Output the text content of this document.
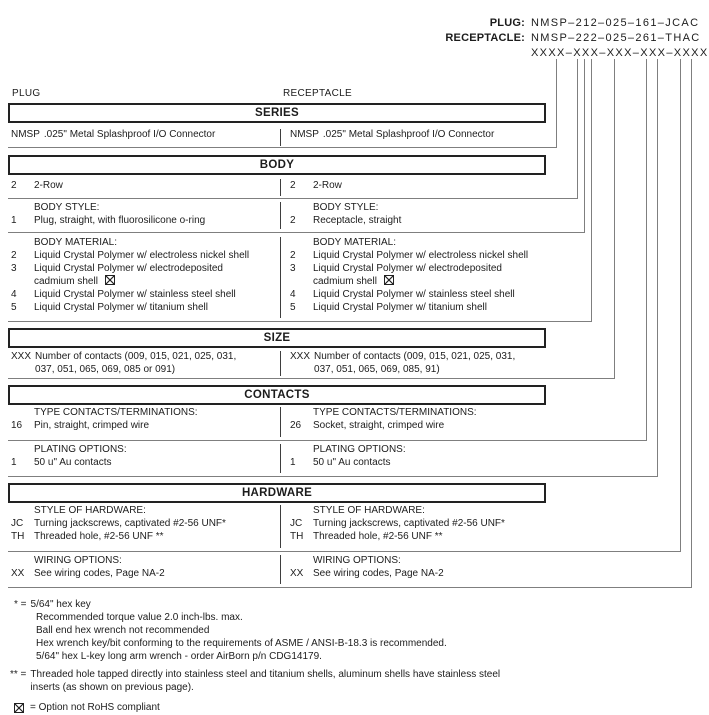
PLUG: NMSP–212–025–161–JCAC
RECEPTACLE: NMSP–222–025–261–THAC
XXXX–XXX–XXX–XXX–XXXX
PLUG	RECEPTACLE
SERIES
BODY
SIZE
CONTACTS
HARDWARE
NMSP .025" Metal Splashproof I/O Connector	NMSP .025" Metal Splashproof I/O Connector
2	2-Row	2	2-Row
BODY STYLE:
1	Plug, straight, with fluorosilicone o-ring
BODY STYLE:
2	Receptacle, straight
BODY MATERIAL:
2	Liquid Crystal Polymer w/ electroless nickel shell
3	Liquid Crystal Polymer w/ electrodeposited
cadmium shell
4	Liquid Crystal Polymer w/ stainless steel shell
5	Liquid Crystal Polymer w/ titanium shell
BODY MATERIAL:
2	Liquid Crystal Polymer w/ electroless nickel shell
3	Liquid Crystal Polymer w/ electrodeposited
cadmium shell
4	Liquid Crystal Polymer w/ stainless steel shell
5	Liquid Crystal Polymer w/ titanium shell
XXX Number of contacts (009, 015, 021, 025, 031,
037, 051, 065, 069, 085 or 091)
XXX Number of contacts (009, 015, 021, 025, 031,
037, 051, 065, 069, 085, 91)
TYPE CONTACTS/TERMINATIONS:
16	Pin, straight, crimped wire
TYPE CONTACTS/TERMINATIONS:
26	Socket, straight, crimped wire
PLATING OPTIONS:
1	50 u" Au contacts
PLATING OPTIONS:
1	50 u" Au contacts
STYLE OF HARDWARE:
JC	Turning jackscrews, captivated #2-56 UNF*
TH Threaded hole, #2-56 UNF **
STYLE OF HARDWARE:
JC	Turning jackscrews, captivated #2-56 UNF*
TH Threaded hole, #2-56 UNF **
WIRING OPTIONS:
XX See wiring codes, Page NA-2
WIRING OPTIONS:
XX See wiring codes, Page NA-2
* = 5/64" hex key
Recommended torque value 2.0 inch-lbs. max.
Ball end hex wrench not recommended
Hex wrench key/bit conforming to the requirements of ASME / ANSI-B-18.3 is recommended.
5/64" hex L-key long arm wrench - order AirBorn p/n CDG14179.
** = Threaded hole tapped directly into stainless steel and titanium shells, aluminum shells have stainless steel
inserts (as shown on previous page).
= Option not RoHS compliant
